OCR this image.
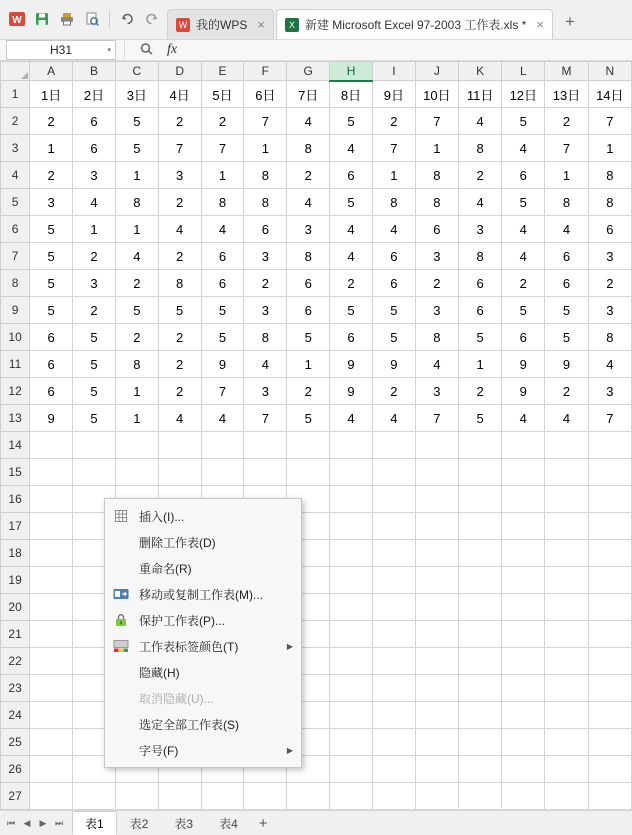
W	W 我的WPS ×	X 新建 Microsoft Excel 97-2003 工作表.xls * ×	+
H31	▾	fx
	A	B	C	D	E	F	G	H	I	J	K	L	M	N
1	1日	2日	3日	4日	5日	6日	7日	8日	9日	10日	11日	12日	13日	14日
2	2	6	5	2	2	7	4	5	2	7	4	5	2	7
3	1	6	5	7	7	1	8	4	7	1	8	4	7	1
4	2	3	1	3	1	8	2	6	1	8	2	6	1	8
5	3	4	8	2	8	8	4	5	8	8	4	5	8	8
6	5	1	1	4	4	6	3	4	4	6	3	4	4	6
7	5	2	4	2	6	3	8	4	6	3	8	4	6	3
8	5	3	2	8	6	2	6	2	6	2	6	2	6	2
9	5	2	5	5	5	3	6	5	5	3	6	5	5	3
10	6	5	2	2	5	8	5	6	5	8	5	6	5	8
11	6	5	8	2	9	4	1	9	9	4	1	9	9	4
12	6	5	1	2	7	3	2	9	2	3	2	9	2	3
13	9	5	1	4	4	7	5	4	4	7	5	4	4	7
14														
15														
16														
17														
18														
19														
20														
21														
22														
23														
24														
25														
26														
27														
插入(I)...
删除工作表(D)
重命名(R)
移动或复制工作表(M)...
保护工作表(P)...
工作表标签颜色(T)	▶
隐藏(H)
取消隐藏(U)...
选定全部工作表(S)
字号(F)	▶
⏮ ◀	▶ ⏭	表1	表2	表3	表4	+
